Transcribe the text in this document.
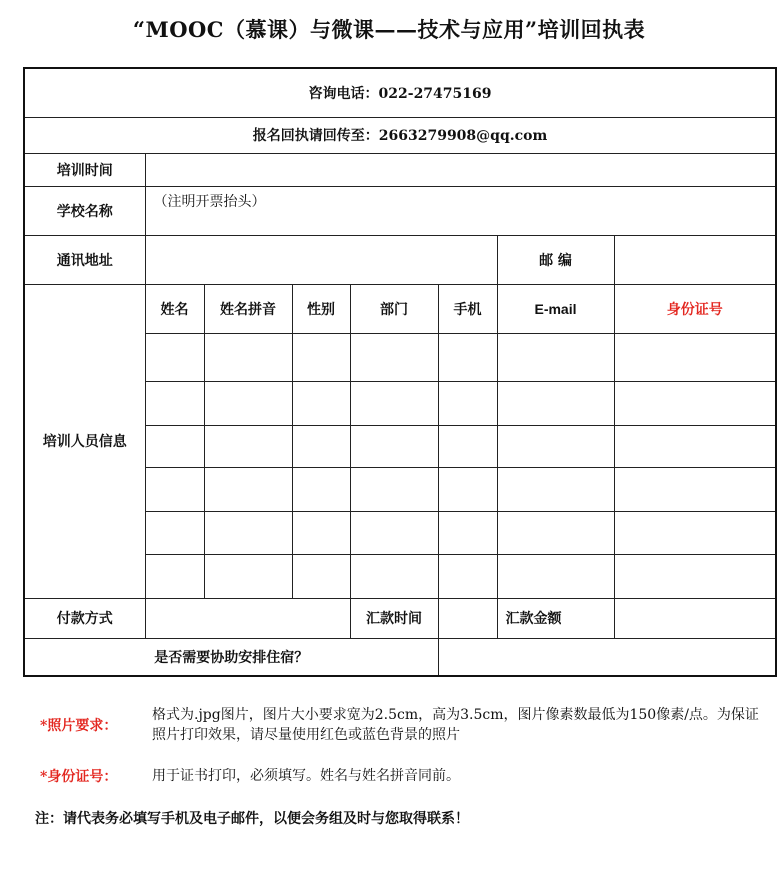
“MOOC（慕课）与微课——技术与应用”培训回执表
咨询电话：022-27475169							
报名回执请回传至：2663279908@qq.com							
培训时间							
学校名称	（注明开票抬头）						
通讯地址						邮 编	
培训人员信息	姓名	姓名拼音	性别	部门	手机	E-mail	身份证号

付款方式				汇款时间		汇款金额	
是否需要协助安排住宿？							
*照片要求：
格式为.jpg图片，图片大小要求宽为2.5cm，高为3.5cm，图片像素数最低为150像素/点。为保证照片打印效果，请尽量使用红色或蓝色背景的照片
*身份证号： 用于证书打印，必须填写。姓名与姓名拼音同前。
注：请代表务必填写手机及电子邮件，以便会务组及时与您取得联系！
